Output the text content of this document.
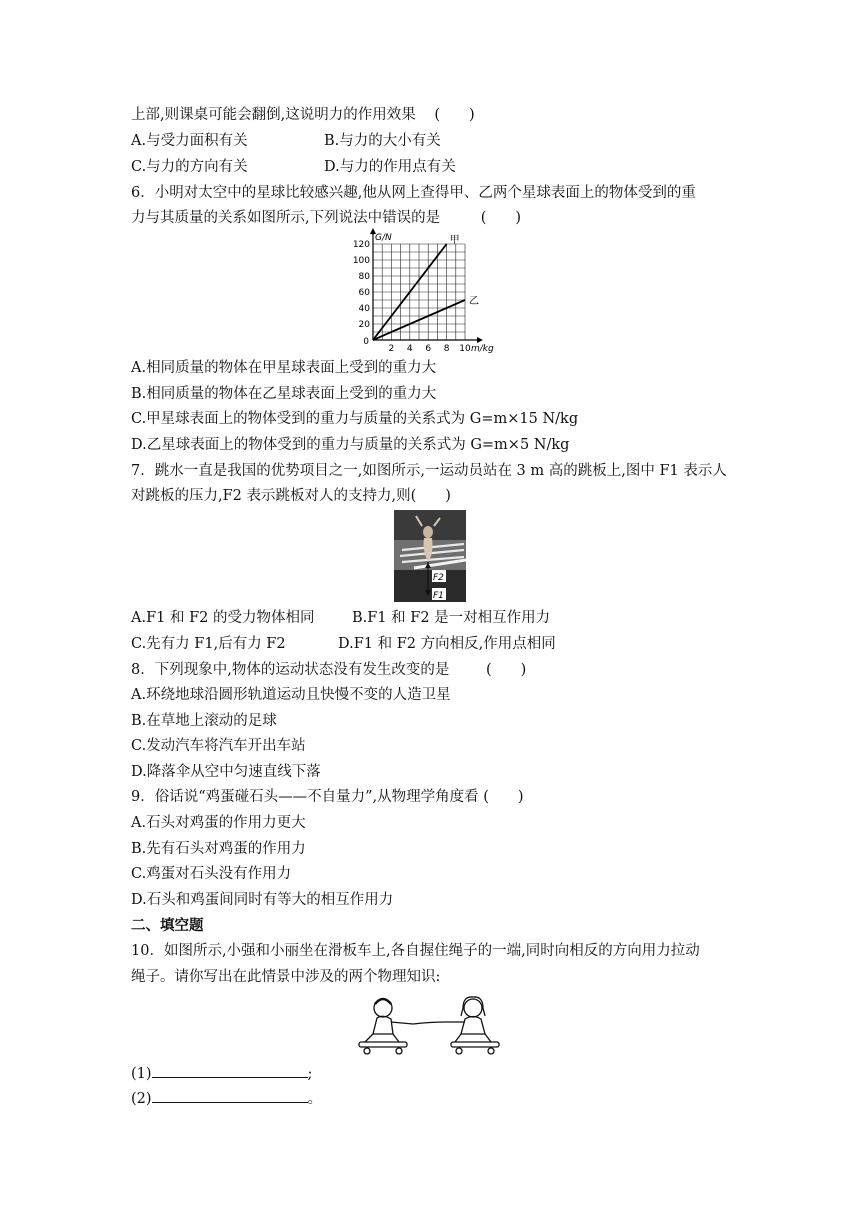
上部,则课桌可能会翻倒,这说明力的作用效果 (　　)
A.与受力面积有关	B.与力的大小有关
C.与力的方向有关	D.与力的作用点有关
6．小明对太空中的星球比较感兴趣,他从网上查得甲、乙两个星球表面上的物体受到的重
力与其质量的关系如图所示,下列说法中错误的是	(　　)
2 4 6 8 10
20
40
60
80
100
120
0
G/N
m/kg
甲
乙
A.相同质量的物体在甲星球表面上受到的重力大
B.相同质量的物体在乙星球表面上受到的重力大
C.甲星球表面上的物体受到的重力与质量的关系式为 G=m×15 N/kg
D.乙星球表面上的物体受到的重力与质量的关系式为 G=m×5 N/kg
7．跳水一直是我国的优势项目之一,如图所示,一运动员站在 3 m 高的跳板上,图中 F1 表示人
对跳板的压力,F2 表示跳板对人的支持力,则(　　)
F2
F1
A.F1 和 F2 的受力物体相同	B.F1 和 F2 是一对相互作用力
C.先有力 F1,后有力 F2	D.F1 和 F2 方向相反,作用点相同
8．下列现象中,物体的运动状态没有发生改变的是	(　　)
A.环绕地球沿圆形轨道运动且快慢不变的人造卫星
B.在草地上滚动的足球
C.发动汽车将汽车开出车站
D.降落伞从空中匀速直线下落
9．俗话说“鸡蛋碰石头——不自量力”,从物理学角度看 (　　)
A.石头对鸡蛋的作用力更大
B.先有石头对鸡蛋的作用力
C.鸡蛋对石头没有作用力
D.石头和鸡蛋间同时有等大的相互作用力
二、填空题
10．如图所示,小强和小丽坐在滑板车上,各自握住绳子的一端,同时向相反的方向用力拉动
绳子。请你写出在此情景中涉及的两个物理知识:
(1)	;
(2)	。
